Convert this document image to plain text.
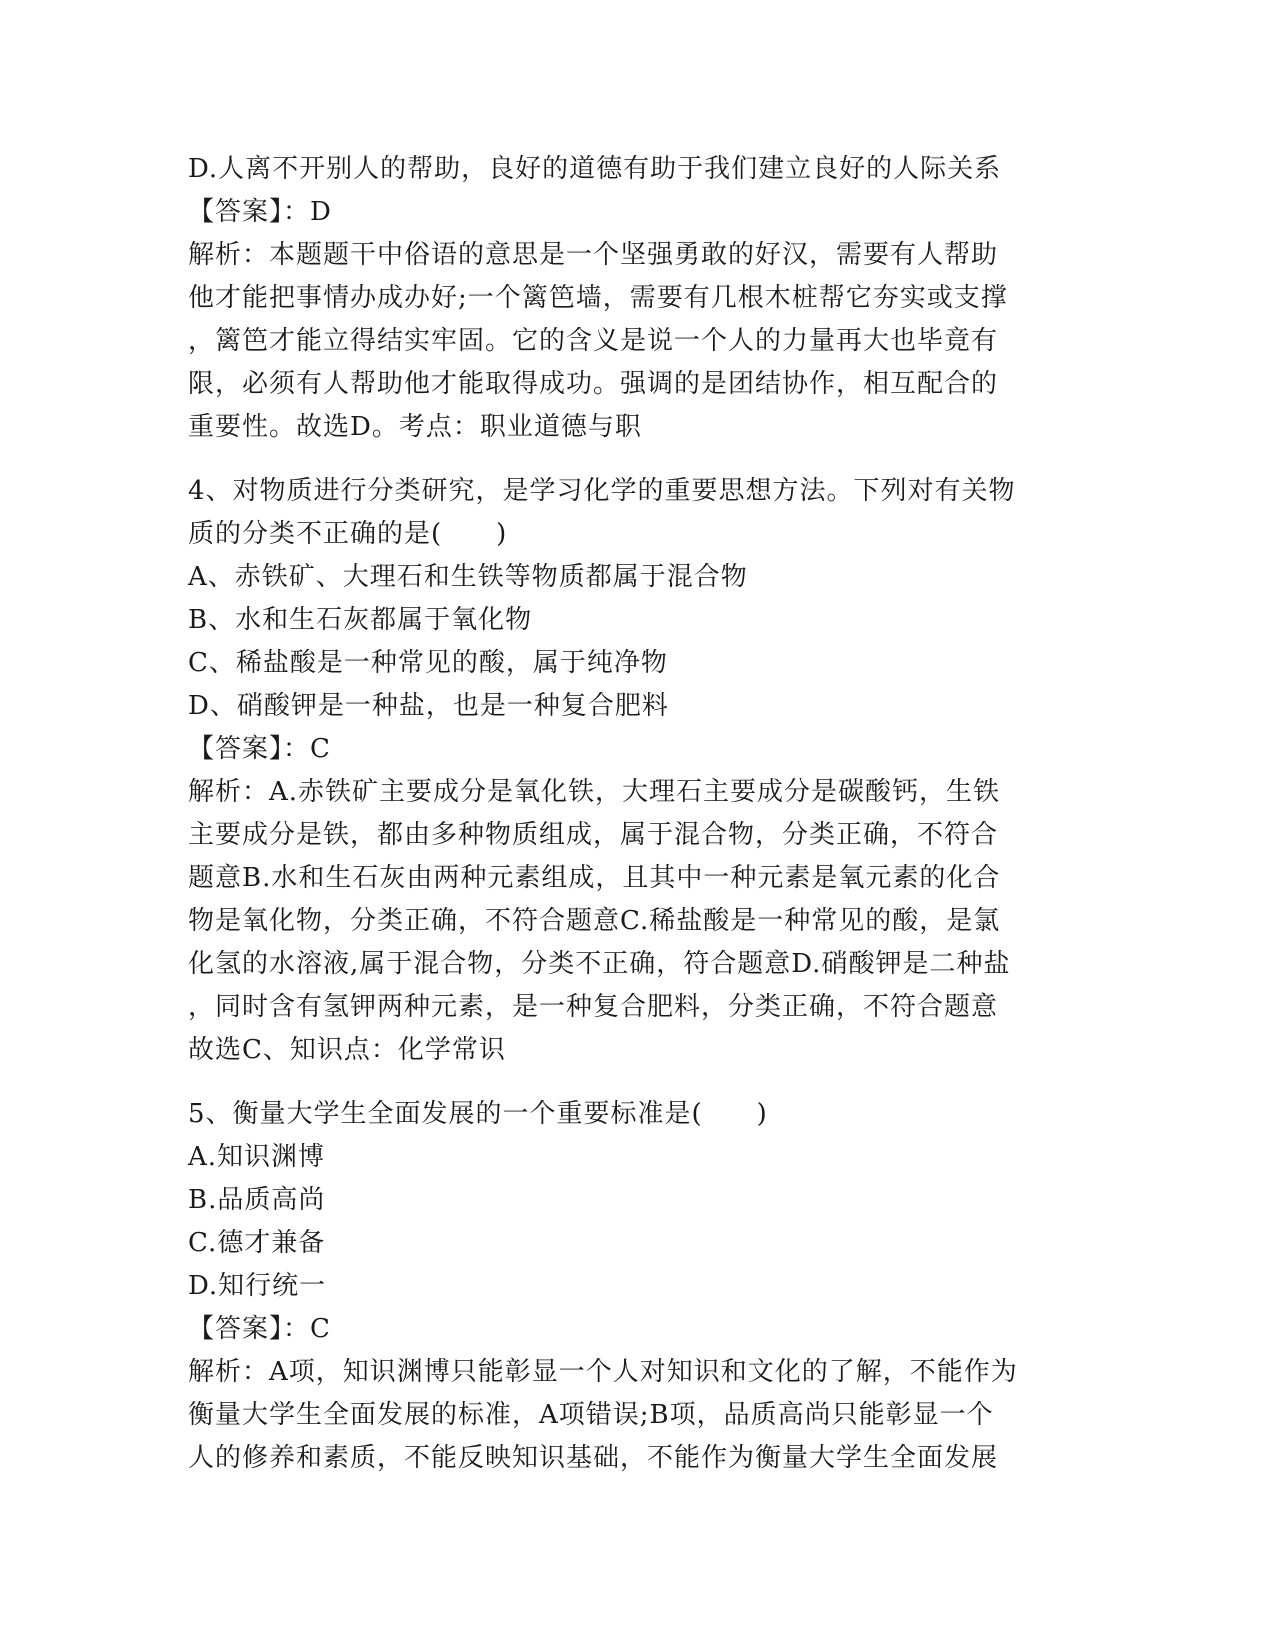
D.人离不开别人的帮助，良好的道德有助于我们建立良好的人际关系
【答案】：D
解析：本题题干中俗语的意思是一个坚强勇敢的好汉，需要有人帮助
他才能把事情办成办好;一个篱笆墙，需要有几根木桩帮它夯实或支撑
，篱笆才能立得结实牢固。它的含义是说一个人的力量再大也毕竟有
限，必须有人帮助他才能取得成功。强调的是团结协作，相互配合的
重要性。故选D。考点：职业道德与职
4、对物质进行分类研究，是学习化学的重要思想方法。下列对有关物
质的分类不正确的是(　　)
A、赤铁矿、大理石和生铁等物质都属于混合物
B、水和生石灰都属于氧化物
C、稀盐酸是一种常见的酸，属于纯净物
D、硝酸钾是一种盐，也是一种复合肥料
【答案】：C
解析：A.赤铁矿主要成分是氧化铁，大理石主要成分是碳酸钙，生铁
主要成分是铁，都由多种物质组成，属于混合物，分类正确，不符合
题意B.水和生石灰由两种元素组成，且其中一种元素是氧元素的化合
物是氧化物，分类正确，不符合题意C.稀盐酸是一种常见的酸，是氯
化氢的水溶液,属于混合物，分类不正确，符合题意D.硝酸钾是二种盐
，同时含有氢钾两种元素，是一种复合肥料，分类正确，不符合题意
故选C、知识点：化学常识
5、衡量大学生全面发展的一个重要标准是(　　)
A.知识渊博
B.品质高尚
C.德才兼备
D.知行统一
【答案】：C
解析：A项，知识渊博只能彰显一个人对知识和文化的了解，不能作为
衡量大学生全面发展的标准，A项错误;B项，品质高尚只能彰显一个
人的修养和素质，不能反映知识基础，不能作为衡量大学生全面发展
